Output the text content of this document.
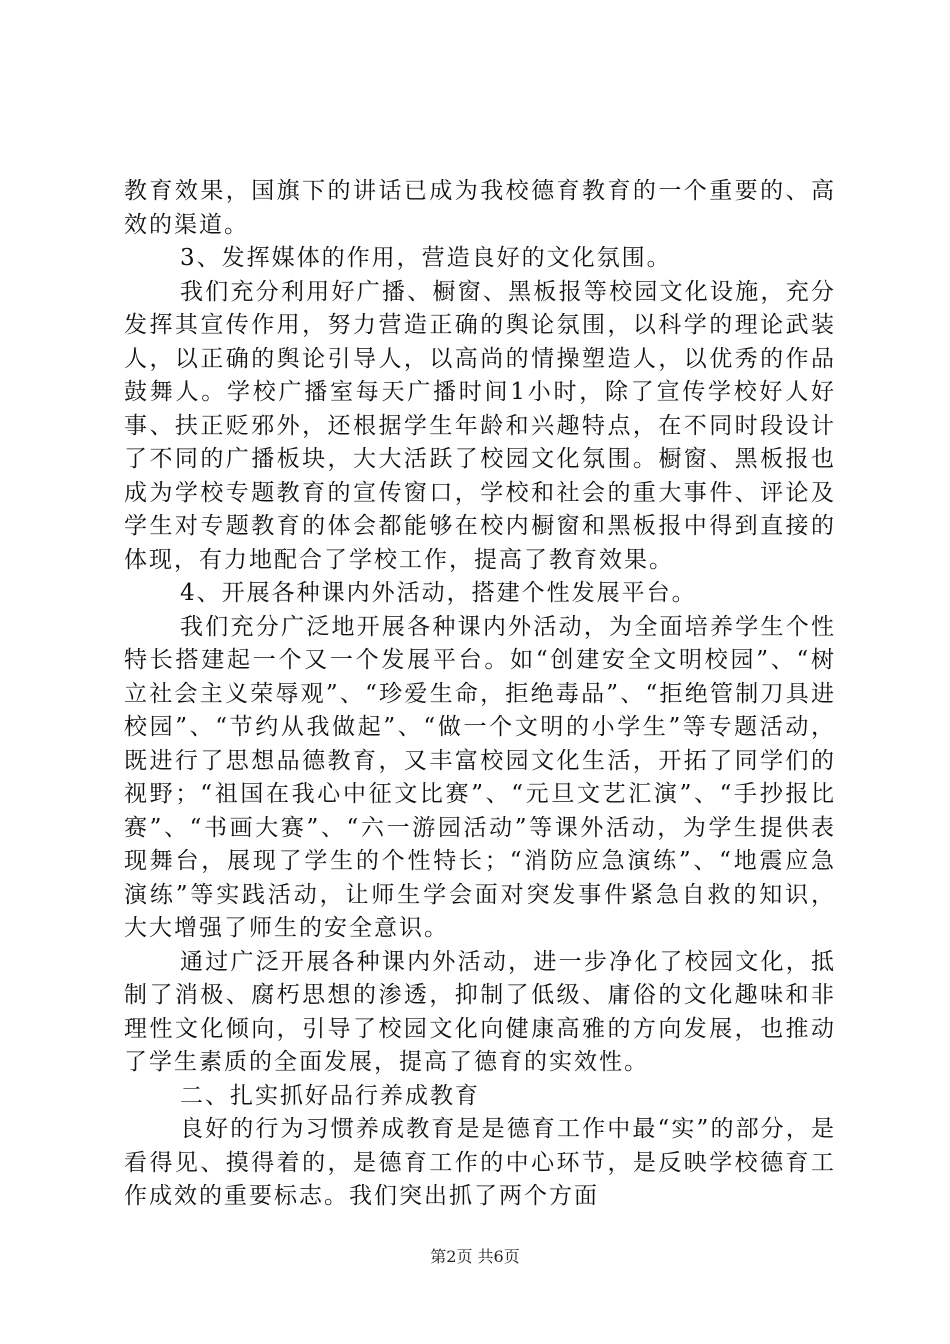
教育效果，国旗下的讲话已成为我校德育教育的一个重要的、高效的渠道。

3、发挥媒体的作用，营造良好的文化氛围。

我们充分利用好广播、橱窗、黑板报等校园文化设施，充分发挥其宣传作用，努力营造正确的舆论氛围，以科学的理论武装人，以正确的舆论引导人，以高尚的情操塑造人，以优秀的作品鼓舞人。学校广播室每天广播时间1小时，除了宣传学校好人好事、扶正贬邪外，还根据学生年龄和兴趣特点，在不同时段设计了不同的广播板块，大大活跃了校园文化氛围。橱窗、黑板报也成为学校专题教育的宣传窗口，学校和社会的重大事件、评论及学生对专题教育的体会都能够在校内橱窗和黑板报中得到直接的体现，有力地配合了学校工作，提高了教育效果。

4、开展各种课内外活动，搭建个性发展平台。

我们充分广泛地开展各种课内外活动，为全面培养学生个性特长搭建起一个又一个发展平台。如“创建安全文明校园”、“树立社会主义荣辱观”、“珍爱生命，拒绝毒品”、“拒绝管制刀具进校园”、“节约从我做起”、“做一个文明的小学生”等专题活动，既进行了思想品德教育，又丰富校园文化生活，开拓了同学们的视野；“祖国在我心中征文比赛”、“元旦文艺汇演”、“手抄报比赛”、“书画大赛”、“六一游园活动”等课外活动，为学生提供表现舞台，展现了学生的个性特长；“消防应急演练”、“地震应急演练”等实践活动，让师生学会面对突发事件紧急自救的知识，大大增强了师生的安全意识。

通过广泛开展各种课内外活动，进一步净化了校园文化，抵制了消极、腐朽思想的渗透，抑制了低级、庸俗的文化趣味和非理性文化倾向，引导了校园文化向健康高雅的方向发展，也推动了学生素质的全面发展，提高了德育的实效性。

二、扎实抓好品行养成教育

良好的行为习惯养成教育是是德育工作中最“实”的部分，是看得见、摸得着的，是德育工作的中心环节，是反映学校德育工作成效的重要标志。我们突出抓了两个方面

第2页 共6页
